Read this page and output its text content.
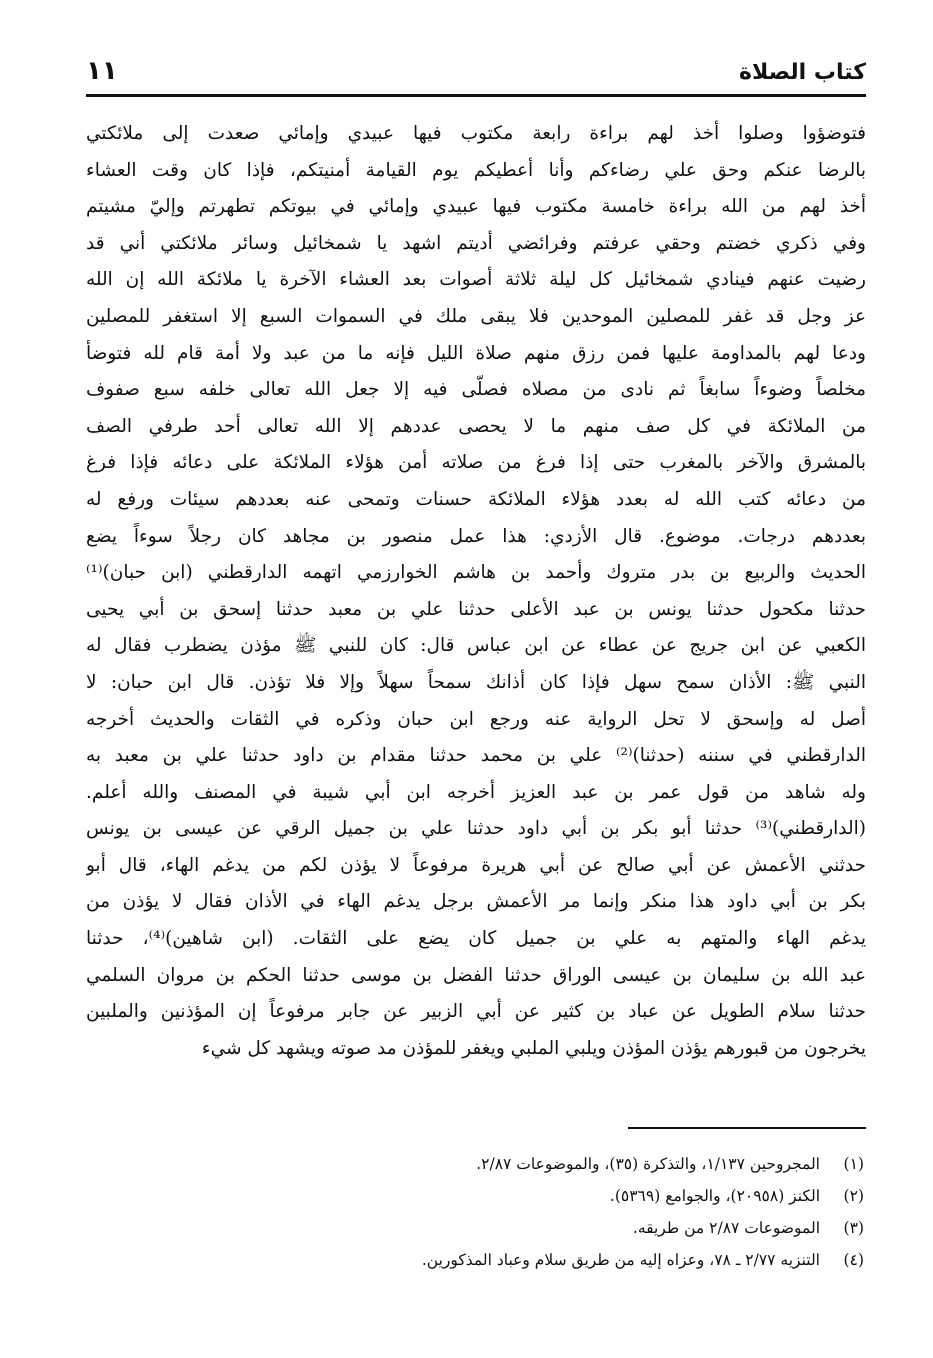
كتاب الصلاة
١١
فتوضؤوا وصلوا أخذ لهم براءة رابعة مكتوب فيها عبيدي وإمائي صعدت إلى ملائكتي
بالرضا عنكم وحق علي رضاءكم وأنا أعطيكم يوم القيامة أمنيتكم، فإذا كان وقت العشاء
أخذ لهم من الله براءة خامسة مكتوب فيها عبيدي وإمائي في بيوتكم تطهرتم وإليّ مشيتم
وفي ذكري خضتم وحقي عرفتم وفرائضي أديتم اشهد يا شمخائيل وسائر ملائكتي أني قد
رضيت عنهم فينادي شمخائيل كل ليلة ثلاثة أصوات بعد العشاء الآخرة يا ملائكة الله إن الله
عز وجل قد غفر للمصلين الموحدين فلا يبقى ملك في السموات السبع إلا استغفر للمصلين
ودعا لهم بالمداومة عليها فمن رزق منهم صلاة الليل فإنه ما من عبد ولا أمة قام لله فتوضأ
مخلصاً وضوءاً سابغاً ثم نادى من مصلاه فصلّى فيه إلا جعل الله تعالى خلفه سبع صفوف
من الملائكة في كل صف منهم ما لا يحصى عددهم إلا الله تعالى أحد طرفي الصف
بالمشرق والآخر بالمغرب حتى إذا فرغ من صلاته أمن هؤلاء الملائكة على دعائه فإذا فرغ
من دعائه كتب الله له بعدد هؤلاء الملائكة حسنات وتمحى عنه بعددهم سيئات ورفع له
بعددهم درجات. موضوع. قال الأزدي: هذا عمل منصور بن مجاهد كان رجلاً سوءاً يضع
الحديث والربيع بن بدر متروك وأحمد بن هاشم الخوارزمي اتهمه الدارقطني (ابن حبان)⁽¹⁾
حدثنا مكحول حدثنا يونس بن عبد الأعلى حدثنا علي بن معبد حدثنا إسحق بن أبي يحيى
الكعبي عن ابن جريج عن عطاء عن ابن عباس قال: كان للنبي ﷺ مؤذن يضطرب فقال له
النبي ﷺ: الأذان سمح سهل فإذا كان أذانك سمحاً سهلاً وإلا فلا تؤذن. قال ابن حبان: لا
أصل له وإسحق لا تحل الرواية عنه ورجع ابن حبان وذكره في الثقات والحديث أخرجه
الدارقطني في سننه (حدثنا)⁽²⁾ علي بن محمد حدثنا مقدام بن داود حدثنا علي بن معبد به
وله شاهد من قول عمر بن عبد العزيز أخرجه ابن أبي شيبة في المصنف والله أعلم.
(الدارقطني)⁽³⁾ حدثنا أبو بكر بن أبي داود حدثنا علي بن جميل الرقي عن عيسى بن يونس
حدثني الأعمش عن أبي صالح عن أبي هريرة مرفوعاً لا يؤذن لكم من يدغم الهاء، قال أبو
بكر بن أبي داود هذا منكر وإنما مر الأعمش برجل يدغم الهاء في الأذان فقال لا يؤذن من
يدغم الهاء والمتهم به علي بن جميل كان يضع على الثقات. (ابن شاهين)⁽⁴⁾، حدثنا
عبد الله بن سليمان بن عيسى الوراق حدثنا الفضل بن موسى حدثنا الحكم بن مروان السلمي
حدثنا سلام الطويل عن عباد بن كثير عن أبي الزبير عن جابر مرفوعاً إن المؤذنين والملبين
يخرجون من قبورهم يؤذن المؤذن ويلبي الملبي ويغفر للمؤذن مد صوته ويشهد كل شيء
(١)
المجروحين ١/١٣٧، والتذكرة (٣٥)، والموضوعات ٢/٨٧.
(٢)
الكنز (٢٠٩٥٨)، والجوامع (٥٣٦٩).
(٣)
الموضوعات ٢/٨٧ من طريقه.
(٤)
التنزيه ٢/٧٧ ـ ٧٨، وعزاه إليه من طريق سلام وعباد المذكورين.
